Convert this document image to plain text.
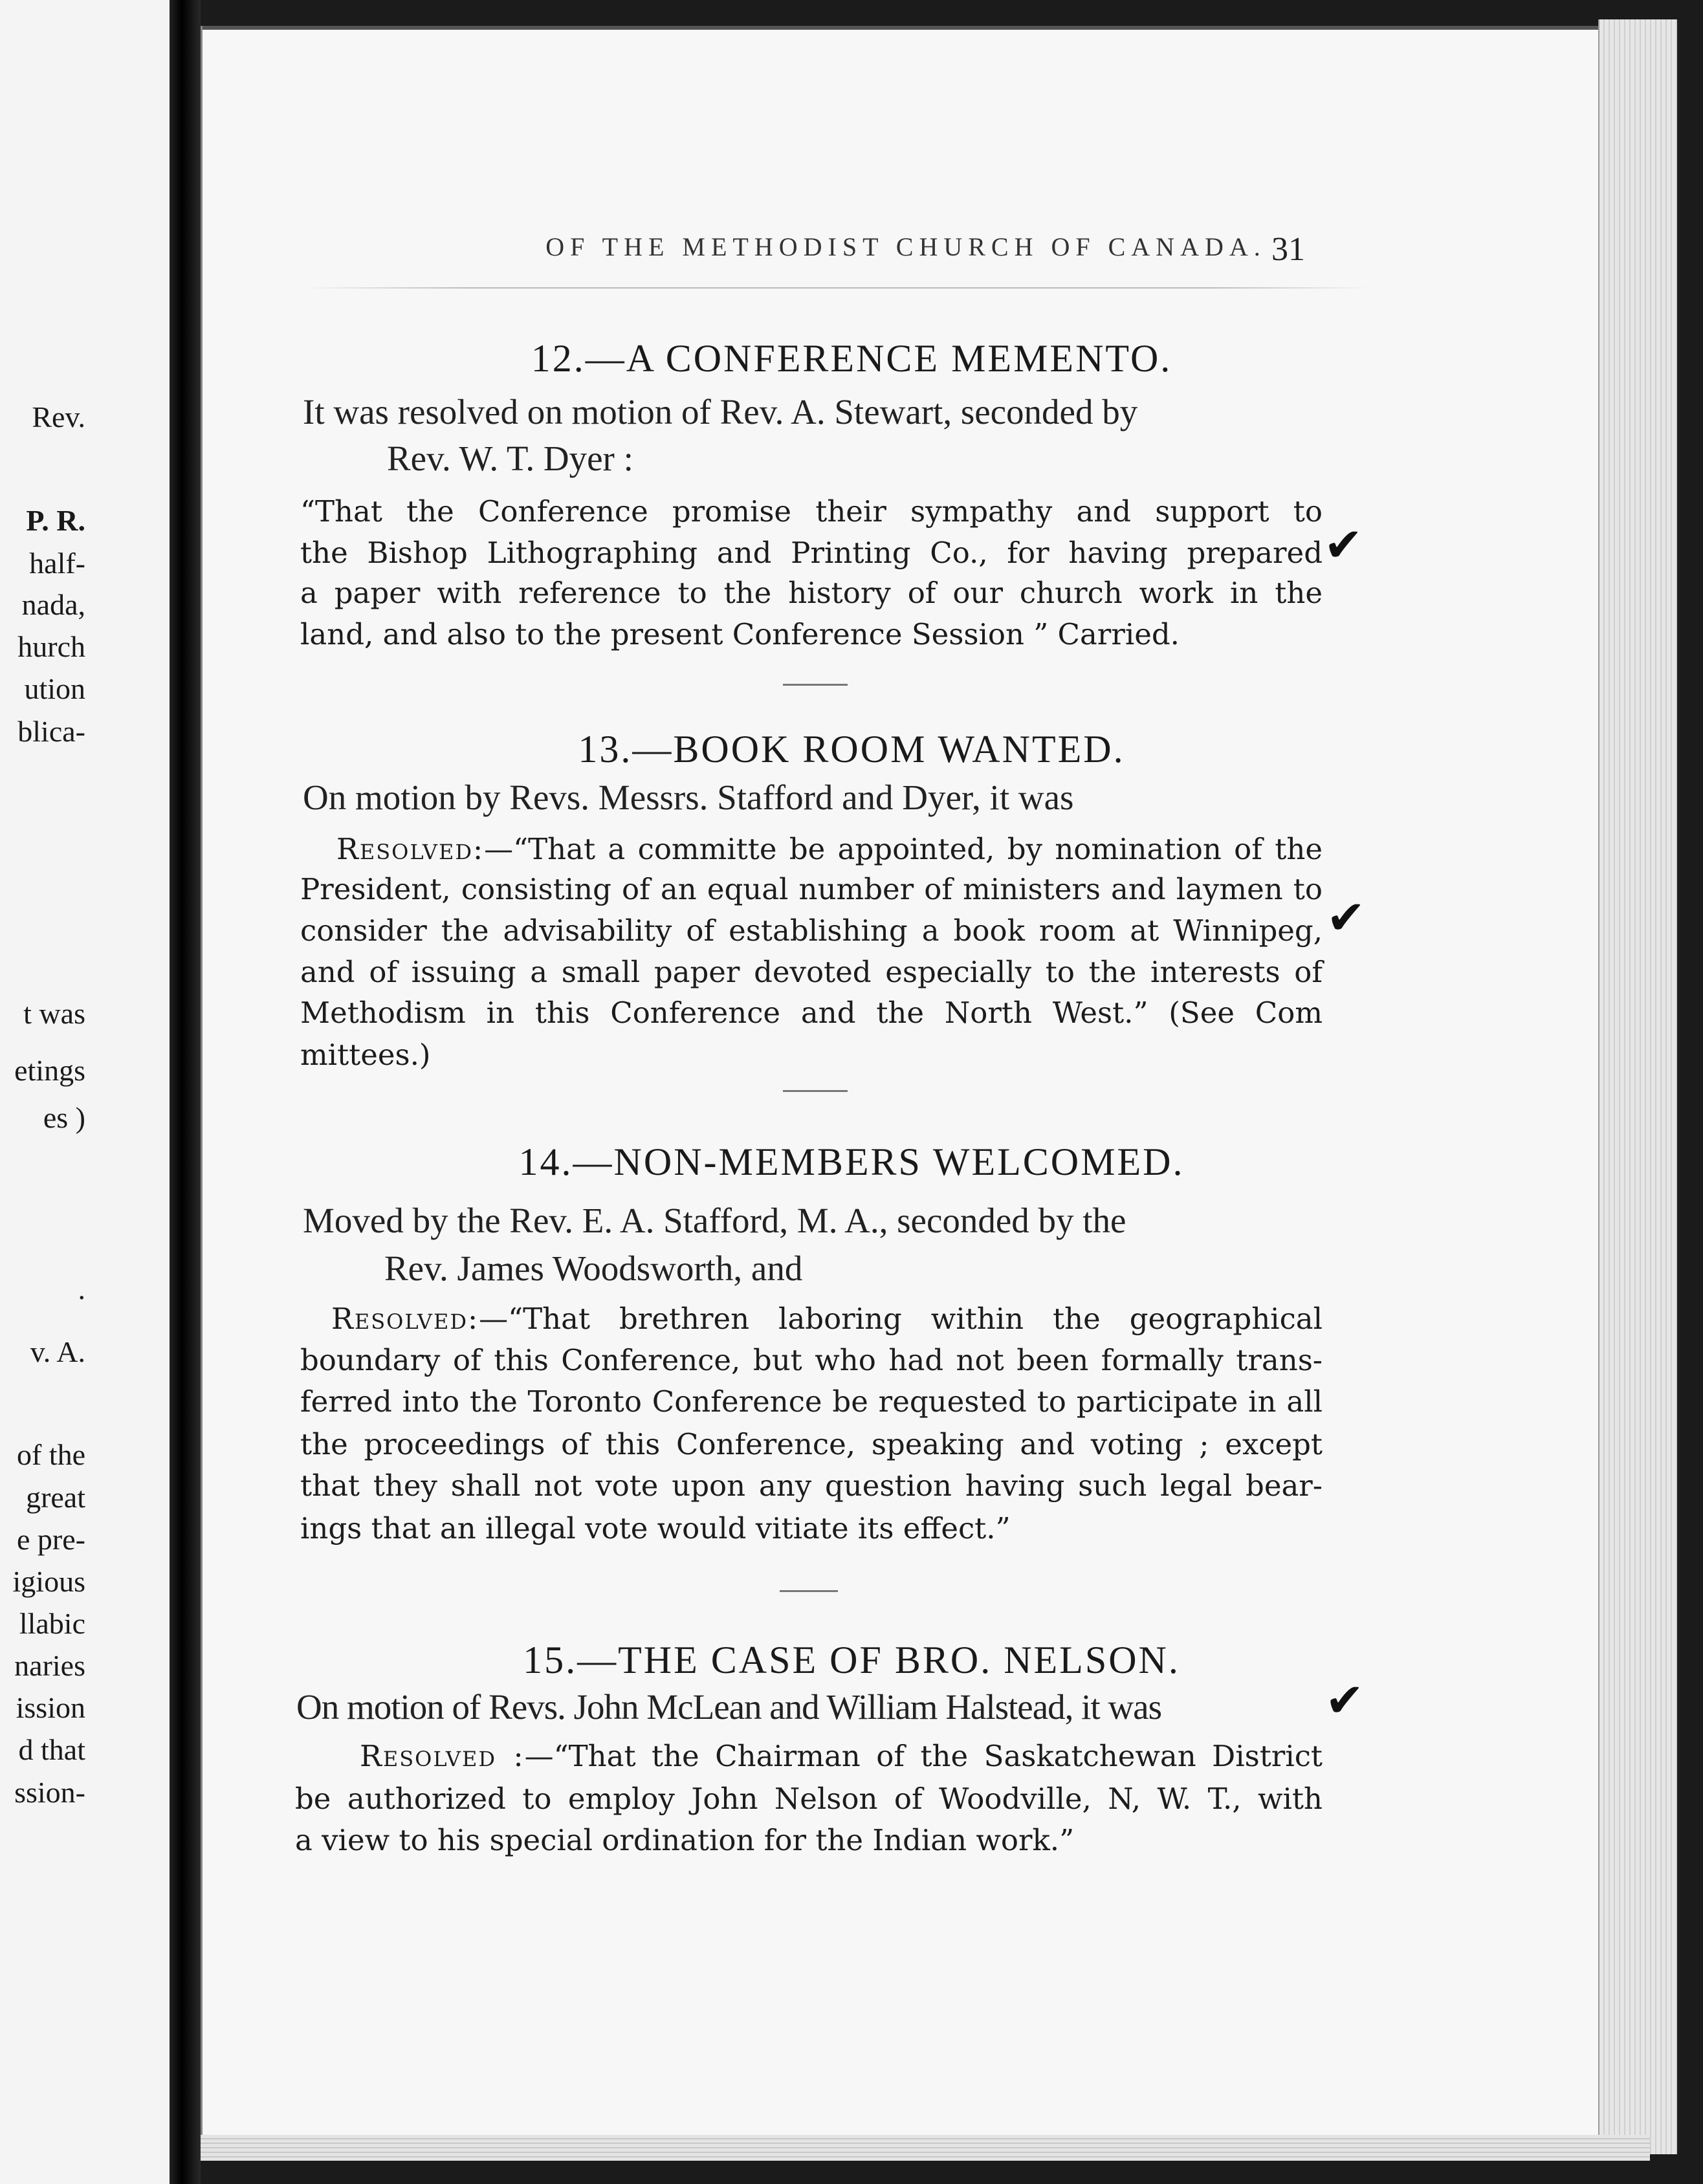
Rev.
P. R.
half-
nada,
hurch
ution
blica-
t was
etings
es )
.
v. A.
of the
great
e pre-
igious
llabic
naries
ission
d that
ssion-
OF THE METHODIST CHURCH OF CANADA. 31
12.—A CONFERENCE MEMENTO.
It was resolved on motion of Rev. A. Stewart, seconded by
Rev. W. T. Dyer :
“That the Conference promise their sympathy and support to
the Bishop Lithographing and Printing Co., for having prepared
a paper with reference to the history of our church work in the
land, and also to the present Conference Session ” Carried.
✔
13.—BOOK ROOM WANTED.
On motion by Revs. Messrs. Stafford and Dyer, it was
Resolved:—“That a committe be appointed, by nomination of the
President, consisting of an equal number of ministers and laymen to
consider the advisability of establishing a book room at Winnipeg,
and of issuing a small paper devoted especially to the interests of
Methodism in this Conference and the North West.” (See Com
mittees.)
✔
14.—NON-MEMBERS WELCOMED.
Moved by the Rev. E. A. Stafford, M. A., seconded by the
Rev. James Woodsworth, and
Resolved:—“That brethren laboring within the geographical
boundary of this Conference, but who had not been formally trans-
ferred into the Toronto Conference be requested to participate in all
the proceedings of this Conference, speaking and voting ; except
that they shall not vote upon any question having such legal bear-
ings that an illegal vote would vitiate its effect.”
15.—THE CASE OF BRO. NELSON.
On motion of Revs. John McLean and William Halstead, it was	✔
Resolved :—“That the Chairman of the Saskatchewan District
be authorized to employ John Nelson of Woodville, N, W. T., with
a view to his special ordination for the Indian work.”
